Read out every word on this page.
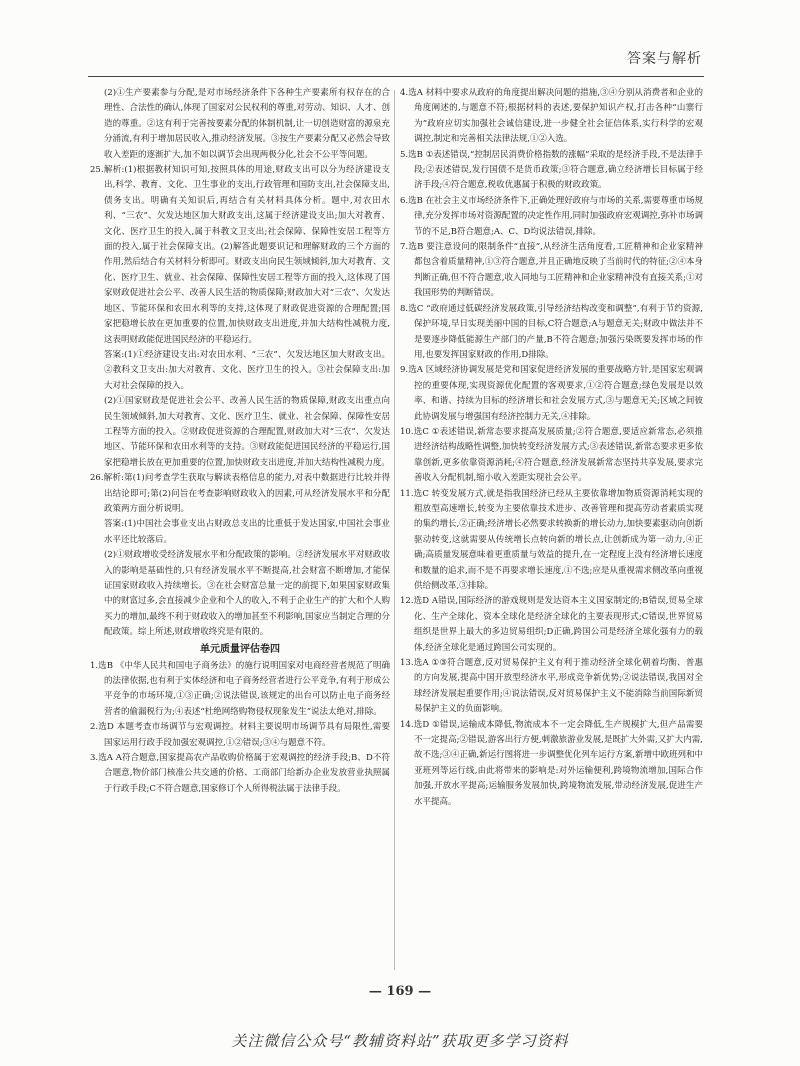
答案与解析
(2)①生产要素参与分配,是对市场经济条件下各种生产要素所有权存在的合理性、合法性的确认,体现了国家对公民权利的尊重,对劳动、知识、人才、创造的尊重。②这有利于完善按要素分配的体制机制,让一切创造财富的源泉充分涌流,有利于增加居民收入,推动经济发展。③按生产要素分配又必然会导致收入差距的逐渐扩大,加不如以调节会出现两极分化,社会不公平等问题。
25.解析:(1)根据教材知识可知,按照具体的用途,财政支出可以分为经济建设支出,科学、教育、文化、卫生事业的支出,行政管理和国防支出,社会保障支出,债务支出。明确有关知识后,再结合有关材料具体分析。题中,对农田水利、“三农”、欠发达地区加大财政支出,这属于经济建设支出;加大对教育、文化、医疗卫生的投入,属于科教文卫支出;社会保障、保障性安居工程等方面的投入,属于社会保障支出。(2)解答此题要识记和理解财政的三个方面的作用,然后结合有关材料分析即可。财政支出向民生领域倾斜,加大对教育、文化、医疗卫生、就业、社会保障、保障性安居工程等方面的投入,这体现了国家财政促进社会公平、改善人民生活的物质保障;财政加大对“三农”、欠发达地区、节能环保和农田水利等的支持,这体现了财政促进资源的合理配置;国家把稳增长放在更加重要的位置,加快财政支出进度,并加大结构性减税力度,这表明财政能促进国民经济的平稳运行。
答案:(1)①经济建设支出:对农田水利、“三农”、欠发达地区加大财政支出。②教科文卫支出:加大对教育、文化、医疗卫生的投入。③社会保障支出:加大对社会保障的投入。
(2)①国家财政是促进社会公平、改善人民生活的物质保障,财政支出重点向民生领域倾斜,加大对教育、文化、医疗卫生、就业、社会保障、保障性安居工程等方面的投入。②财政促进资源的合理配置,财政加大对“三农”、欠发达地区、节能环保和农田水利等的支持。③财政能促进国民经济的平稳运行,国家把稳增长放在更加重要的位置,加快财政支出进度,并加大结构性减税力度。
26.解析:第(1)问考查学生获取与解读表格信息的能力,对表中数据进行比较并得出结论即可;第(2)问旨在考查影响财政收入的因素,可从经济发展水平和分配政策两方面分析说明。
答案:(1)中国社会事业支出占财政总支出的比重低于发达国家,中国社会事业水平还比较落后。
(2)①财政增收受经济发展水平和分配政策的影响。②经济发展水平对财政收入的影响是基础性的,只有经济发展水平不断提高,社会财富不断增加,才能保证国家财政收入持续增长。③在社会财富总量一定的前提下,如果国家财政集中的财富过多,会直接减少企业和个人的收入,不利于企业生产的扩大和个人购买力的增加,最终不利于财政收入的增加甚至不利影响,国家应当制定合理的分配政策。综上所述,财政增收终究是有限的。
单元质量评估卷四
1.选B 《中华人民共和国电子商务法》的施行说明国家对电商经营者规范了明确的法律依据,也有利于实体经济和电子商务经营者进行公平竞争,有利于形成公平竞争的市场环境,①③正确;②说法错误,该规定的出台可以防止电子商务经营者的偷漏税行为;④表述“杜绝网络购物侵权现象发生”说法太绝对,排除。
2.选D 本题考查市场调节与宏观调控。材料主要说明市场调节具有局限性,需要国家运用行政手段加强宏观调控,①②错误;③④与题意不符。
3.选A A符合题意,国家提高农产品收购价格属于宏观调控的经济手段;B、D不符合题意,物价部门核准公共交通的价格、工商部门给新办企业发放营业执照属于行政手段;C不符合题意,国家修订个人所得税法属于法律手段。
4.选A 材料中要求从政府的角度提出解决问题的措施,③④分别从消费者和企业的角度阐述的,与题意不符;根据材料的表述,要保护知识产权,打击各种“山寨行为”政府应切实加强社会诚信建设,进一步健全社会征信体系,实行科学的宏观调控,制定和完善相关法律法规,①②入选。
5.选B ①表述错误,“控制居民消费价格指数的涨幅”采取的是经济手段,不是法律手段;②表述错误,发行国债不是货币政策;③符合题意,确立经济增长目标属于经济手段;④符合题意,税收优惠属于积极的财政政策。
6.选B 在社会主义市场经济条件下,正确处理好政府与市场的关系,需要尊重市场规律,充分发挥市场对资源配置的决定性作用,同时加强政府宏观调控,弥补市场调节的不足,B符合题意;A、C、D均说法错误,排除。
7.选B 要注意设问的限制条件“直接”,从经济生活角度看,工匠精神和企业家精神都包含着质量精神,①③符合题意,并且正确地反映了当前时代的特征;②④本身判断正确,但不符合题意,收入同地与工匠精神和企业家精神没有直接关系;①对我国形势的判断错误。
8.选C “政府通过低碳经济发展政策,引导经济结构改变和调整”,有利于节约资源,保护环境,早日实现美丽中国的目标,C符合题意;A与题意无关;财政中做法并不是要逐步降低能源生产部门的产量,B不符合题意;加强污染既要发挥市场的作用,也要发挥国家财政的作用,D排除。
9.选A 区域经济协调发展是党和国家促进经济发展的重要战略方针,是国家宏观调控的重要体现,实现资源优化配置的客观要求,①②符合题意;绿色发展是以效率、和谐、持续为目标的经济增长和社会发展方式,③与题意无关;区域之间彼此协调发展与增强国有经济控制力无关,④排除。
10.选C ①表述错误,新常态要求提高发展质量;②符合题意,要适应新常态,必须推进经济结构战略性调整,加快转变经济发展方式;③表述错误,新常态要求更多依靠创新,更多依靠资源消耗;④符合题意,经济发展新常态坚持共享发展,要求完善收入分配机制,缩小收入差距实现社会公平。
11.选C 转变发展方式,就是指我国经济已经从主要依靠增加物质资源消耗实现的粗放型高速增长,转变为主要依靠技术进步、改善管理和提高劳动者素质实现的集约增长,②正确;经济增长必然要求转换新的增长动力,加快要素驱动向创新驱动转变,这就需要从传统增长点转向新的增长点,让创新成为第一动力,④正确;高质量发展意味着更重质量与效益的提升,在一定程度上没有经济增长速度和数量的追求,而不是不再要求增长速度,①不选;应是从重视需求侧改革向重视供给侧改革,③排除。
12.选D A错误,国际经济的游戏规则是发达资本主义国家制定的;B错误,贸易全球化、生产全球化、资本全球化是经济全球化的主要表现形式;C错误,世界贸易组织是世界上最大的多边贸易组织;D正确,跨国公司是经济全球化强有力的载体,经济全球化是通过跨国公司实现的。
13.选A ①③符合题意,反对贸易保护主义有利于推动经济全球化朝着均衡、普惠的方向发展,提高中国开放型经济水平,形成竞争新优势;②说法错误,我国对全球经济发展起重要作用;④说法错误,反对贸易保护主义不能消除当前国际新贸易保护主义的负面影响。
14.选D ①错误,运输成本降低,物流成本不一定会降低,生产规模扩大,但产品需要不一定提高;②错误,游客出行方便,刺激旅游业发展,是既扩大外需,又扩大内需,故不选;③④正确,新运行图将进一步调整优化列车运行方案,新增中欧班列和中亚班列等运行线,由此将带来的影响是:对外运输便利,跨境物流增加,国际合作加强,开放水平提高;运输服务发展加快,跨境物流发展,带动经济发展,促进生产水平提高。
— 169 —
关注微信公众号“教辅资料站”获取更多学习资料
